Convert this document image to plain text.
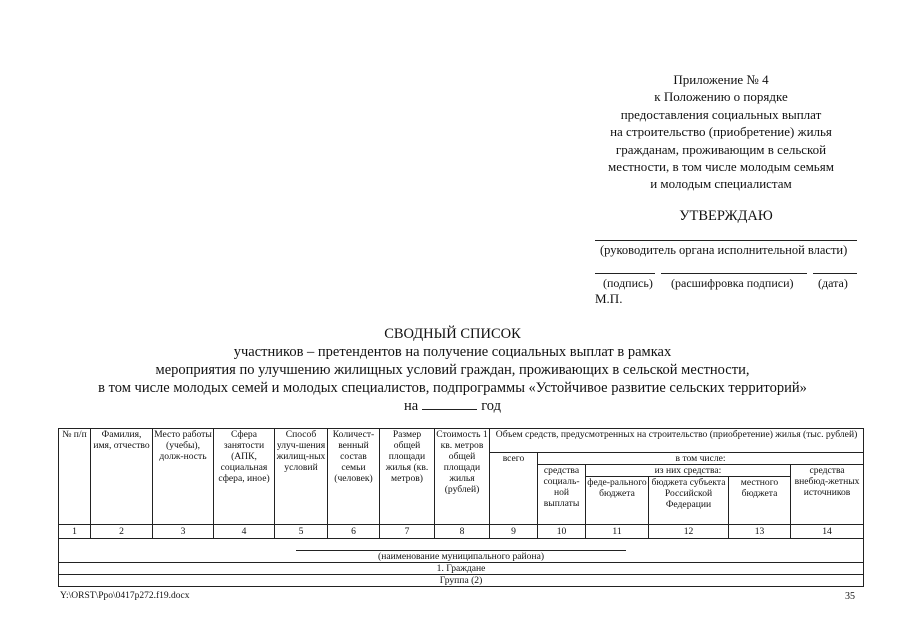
Приложение № 4
к Положению о порядке
предоставления социальных выплат
на строительство (приобретение) жилья
гражданам, проживающим в сельской
местности, в том числе молодым семьям
и молодым специалистам
УТВЕРЖДАЮ
(руководитель органа исполнительной власти)
(подпись) (расшифровка подписи) (дата)
М.П.
СВОДНЫЙ СПИСОК
участников – претендентов на получение социальных выплат в рамках
мероприятия по улучшению жилищных условий граждан, проживающих в сельской местности,
в том числе молодых семей и молодых специалистов, подпрограммы «Устойчивое развитие сельских территорий»
на	год
№ п/п	Фамилия, имя, отчество	Место работы (учебы), долж-ность	Сфера занятости (АПК, социальная сфера, иное)	Способ улуч-шения жилищ-ных условий	Количест-венный состав семьи (человек)	Размер общей площади жилья (кв. метров)	Стоимость 1 кв. метров общей площади жилья (рублей)	Объем средств, предусмотренных на строительство (приобретение) жилья (тыс. рублей)					
								всего	в том числе:				
									средства социаль-ной выплаты	из них средства:			средства внебюд-жетных источников
										феде-рального бюджета	бюджета субъекта Российской Федерации	местного бюджета	
1	2	3	4	5	6	7	8	9	10	11	12	13	14

(наименование муниципального района)													

1. Граждане													
Группа (2)													
Y:\ORST\Ppo\0417p272.f19.docx	35
